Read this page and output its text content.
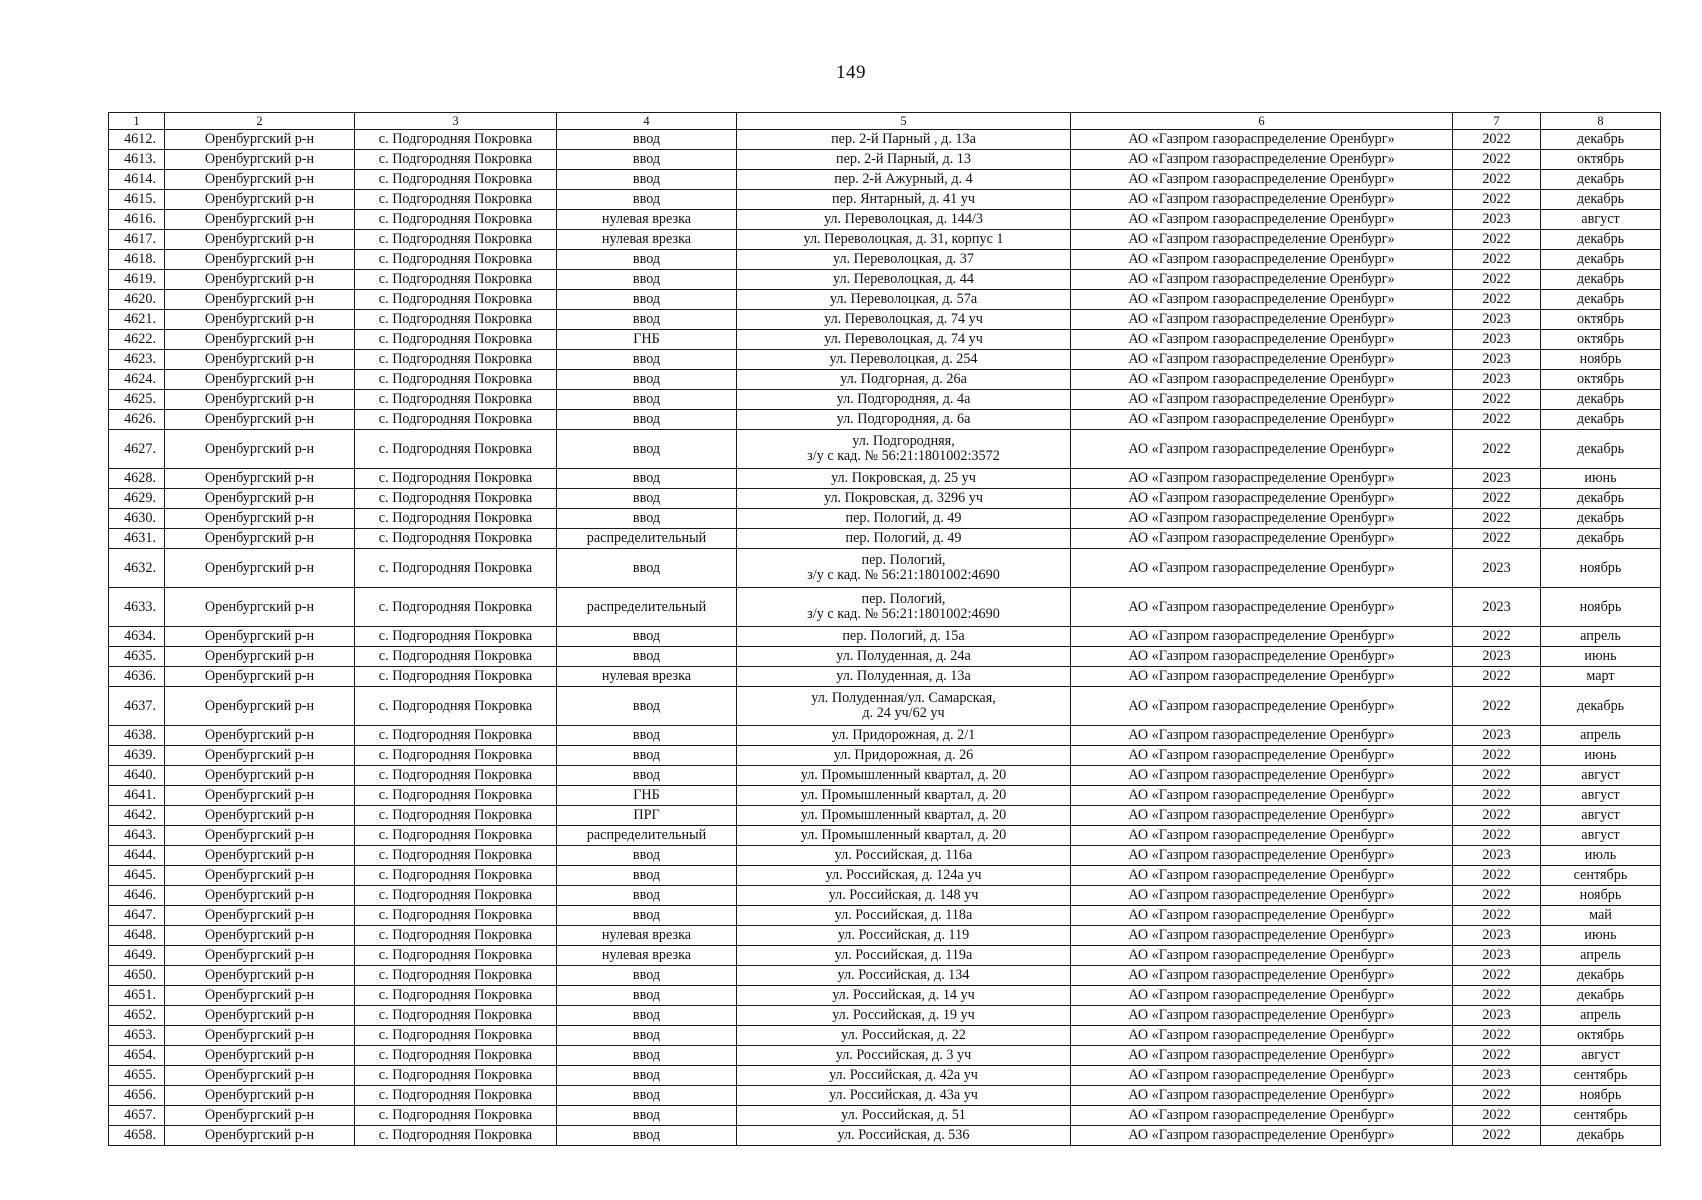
149
1	2	3	4	5	6	7	8
4612.	Оренбургский р-н	с. Подгородняя Покровка	ввод	пер. 2-й Парный , д. 13а	АО «Газпром газораспределение Оренбург»	2022	декабрь
4613.	Оренбургский р-н	с. Подгородняя Покровка	ввод	пер. 2-й Парный, д. 13	АО «Газпром газораспределение Оренбург»	2022	октябрь
4614.	Оренбургский р-н	с. Подгородняя Покровка	ввод	пер. 2-й Ажурный, д. 4	АО «Газпром газораспределение Оренбург»	2022	декабрь
4615.	Оренбургский р-н	с. Подгородняя Покровка	ввод	пер. Янтарный, д. 41 уч	АО «Газпром газораспределение Оренбург»	2022	декабрь
4616.	Оренбургский р-н	с. Подгородняя Покровка	нулевая врезка	ул. Переволоцкая, д. 144/3	АО «Газпром газораспределение Оренбург»	2023	август
4617.	Оренбургский р-н	с. Подгородняя Покровка	нулевая врезка	ул. Переволоцкая, д. 31, корпус 1	АО «Газпром газораспределение Оренбург»	2022	декабрь
4618.	Оренбургский р-н	с. Подгородняя Покровка	ввод	ул. Переволоцкая, д. 37	АО «Газпром газораспределение Оренбург»	2022	декабрь
4619.	Оренбургский р-н	с. Подгородняя Покровка	ввод	ул. Переволоцкая, д. 44	АО «Газпром газораспределение Оренбург»	2022	декабрь
4620.	Оренбургский р-н	с. Подгородняя Покровка	ввод	ул. Переволоцкая, д. 57а	АО «Газпром газораспределение Оренбург»	2022	декабрь
4621.	Оренбургский р-н	с. Подгородняя Покровка	ввод	ул. Переволоцкая, д. 74 уч	АО «Газпром газораспределение Оренбург»	2023	октябрь
4622.	Оренбургский р-н	с. Подгородняя Покровка	ГНБ	ул. Переволоцкая, д. 74 уч	АО «Газпром газораспределение Оренбург»	2023	октябрь
4623.	Оренбургский р-н	с. Подгородняя Покровка	ввод	ул. Переволоцкая, д. 254	АО «Газпром газораспределение Оренбург»	2023	ноябрь
4624.	Оренбургский р-н	с. Подгородняя Покровка	ввод	ул. Подгорная, д. 26а	АО «Газпром газораспределение Оренбург»	2023	октябрь
4625.	Оренбургский р-н	с. Подгородняя Покровка	ввод	ул. Подгородняя, д. 4а	АО «Газпром газораспределение Оренбург»	2022	декабрь
4626.	Оренбургский р-н	с. Подгородняя Покровка	ввод	ул. Подгородняя, д. 6а	АО «Газпром газораспределение Оренбург»	2022	декабрь
4627.	Оренбургский р-н	с. Подгородняя Покровка	ввод	ул. Подгородняя,
з/у с кад. № 56:21:1801002:3572	АО «Газпром газораспределение Оренбург»	2022	декабрь
4628.	Оренбургский р-н	с. Подгородняя Покровка	ввод	ул. Покровская, д. 25 уч	АО «Газпром газораспределение Оренбург»	2023	июнь
4629.	Оренбургский р-н	с. Подгородняя Покровка	ввод	ул. Покровская, д. 3296 уч	АО «Газпром газораспределение Оренбург»	2022	декабрь
4630.	Оренбургский р-н	с. Подгородняя Покровка	ввод	пер. Пологий, д. 49	АО «Газпром газораспределение Оренбург»	2022	декабрь
4631.	Оренбургский р-н	с. Подгородняя Покровка	распределительный	пер. Пологий, д. 49	АО «Газпром газораспределение Оренбург»	2022	декабрь
4632.	Оренбургский р-н	с. Подгородняя Покровка	ввод	пер. Пологий,
з/у с кад. № 56:21:1801002:4690	АО «Газпром газораспределение Оренбург»	2023	ноябрь
4633.	Оренбургский р-н	с. Подгородняя Покровка	распределительный	пер. Пологий,
з/у с кад. № 56:21:1801002:4690	АО «Газпром газораспределение Оренбург»	2023	ноябрь
4634.	Оренбургский р-н	с. Подгородняя Покровка	ввод	пер. Пологий, д. 15а	АО «Газпром газораспределение Оренбург»	2022	апрель
4635.	Оренбургский р-н	с. Подгородняя Покровка	ввод	ул. Полуденная, д. 24а	АО «Газпром газораспределение Оренбург»	2023	июнь
4636.	Оренбургский р-н	с. Подгородняя Покровка	нулевая врезка	ул. Полуденная, д. 13а	АО «Газпром газораспределение Оренбург»	2022	март
4637.	Оренбургский р-н	с. Подгородняя Покровка	ввод	ул. Полуденная/ул. Самарская,
д. 24 уч/62 уч	АО «Газпром газораспределение Оренбург»	2022	декабрь
4638.	Оренбургский р-н	с. Подгородняя Покровка	ввод	ул. Придорожная, д. 2/1	АО «Газпром газораспределение Оренбург»	2023	апрель
4639.	Оренбургский р-н	с. Подгородняя Покровка	ввод	ул. Придорожная, д. 26	АО «Газпром газораспределение Оренбург»	2022	июнь
4640.	Оренбургский р-н	с. Подгородняя Покровка	ввод	ул. Промышленный квартал, д. 20	АО «Газпром газораспределение Оренбург»	2022	август
4641.	Оренбургский р-н	с. Подгородняя Покровка	ГНБ	ул. Промышленный квартал, д. 20	АО «Газпром газораспределение Оренбург»	2022	август
4642.	Оренбургский р-н	с. Подгородняя Покровка	ПРГ	ул. Промышленный квартал, д. 20	АО «Газпром газораспределение Оренбург»	2022	август
4643.	Оренбургский р-н	с. Подгородняя Покровка	распределительный	ул. Промышленный квартал, д. 20	АО «Газпром газораспределение Оренбург»	2022	август
4644.	Оренбургский р-н	с. Подгородняя Покровка	ввод	ул. Российская, д. 116а	АО «Газпром газораспределение Оренбург»	2023	июль
4645.	Оренбургский р-н	с. Подгородняя Покровка	ввод	ул. Российская, д. 124а уч	АО «Газпром газораспределение Оренбург»	2022	сентябрь
4646.	Оренбургский р-н	с. Подгородняя Покровка	ввод	ул. Российская, д. 148 уч	АО «Газпром газораспределение Оренбург»	2022	ноябрь
4647.	Оренбургский р-н	с. Подгородняя Покровка	ввод	ул. Российская, д. 118а	АО «Газпром газораспределение Оренбург»	2022	май
4648.	Оренбургский р-н	с. Подгородняя Покровка	нулевая врезка	ул. Российская, д. 119	АО «Газпром газораспределение Оренбург»	2023	июнь
4649.	Оренбургский р-н	с. Подгородняя Покровка	нулевая врезка	ул. Российская, д. 119а	АО «Газпром газораспределение Оренбург»	2023	апрель
4650.	Оренбургский р-н	с. Подгородняя Покровка	ввод	ул. Российская, д. 134	АО «Газпром газораспределение Оренбург»	2022	декабрь
4651.	Оренбургский р-н	с. Подгородняя Покровка	ввод	ул. Российская, д. 14 уч	АО «Газпром газораспределение Оренбург»	2022	декабрь
4652.	Оренбургский р-н	с. Подгородняя Покровка	ввод	ул. Российская, д. 19 уч	АО «Газпром газораспределение Оренбург»	2023	апрель
4653.	Оренбургский р-н	с. Подгородняя Покровка	ввод	ул. Российская, д. 22	АО «Газпром газораспределение Оренбург»	2022	октябрь
4654.	Оренбургский р-н	с. Подгородняя Покровка	ввод	ул. Российская, д. 3 уч	АО «Газпром газораспределение Оренбург»	2022	август
4655.	Оренбургский р-н	с. Подгородняя Покровка	ввод	ул. Российская, д. 42а уч	АО «Газпром газораспределение Оренбург»	2023	сентябрь
4656.	Оренбургский р-н	с. Подгородняя Покровка	ввод	ул. Российская, д. 43а уч	АО «Газпром газораспределение Оренбург»	2022	ноябрь
4657.	Оренбургский р-н	с. Подгородняя Покровка	ввод	ул. Российская, д. 51	АО «Газпром газораспределение Оренбург»	2022	сентябрь
4658.	Оренбургский р-н	с. Подгородняя Покровка	ввод	ул. Российская, д. 536	АО «Газпром газораспределение Оренбург»	2022	декабрь
